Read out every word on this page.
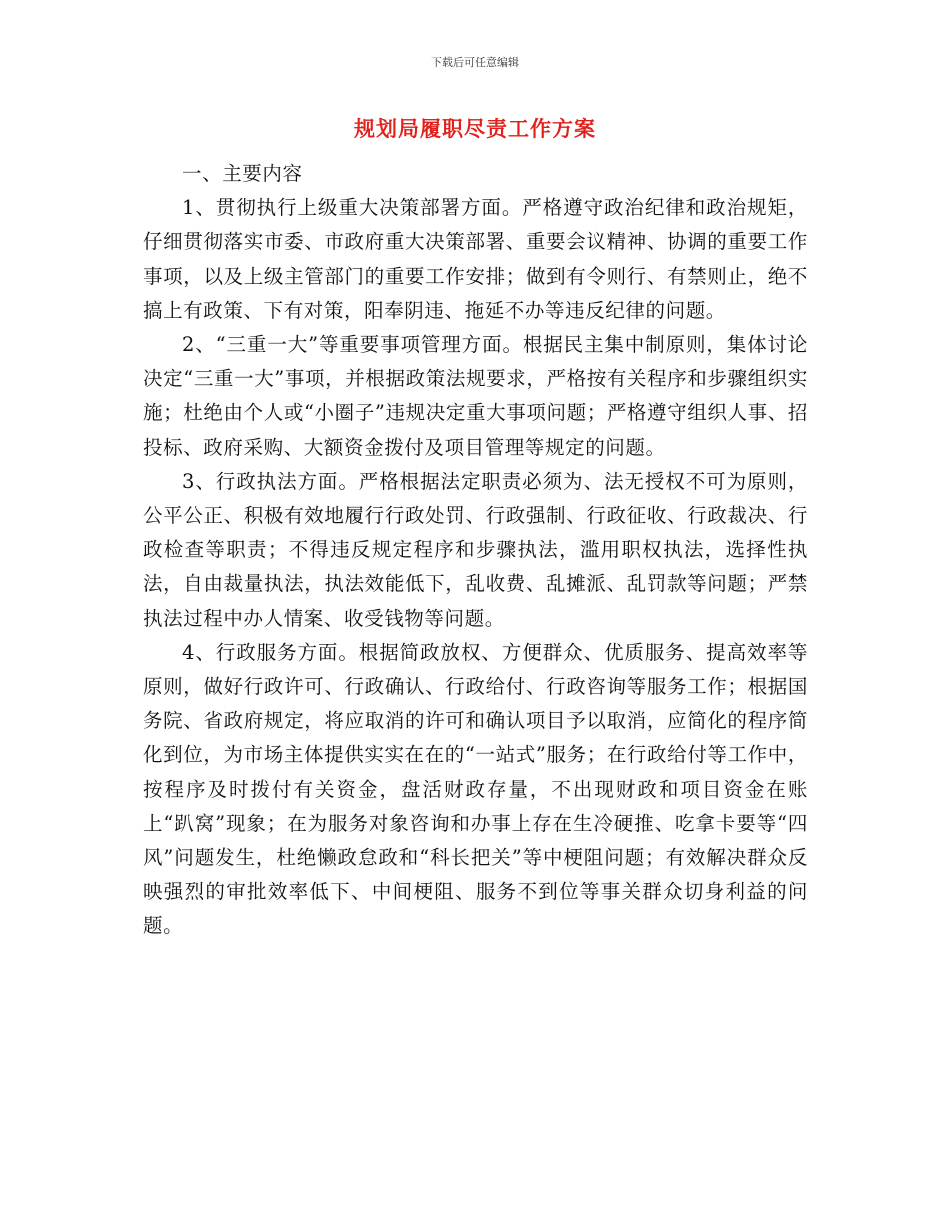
下载后可任意编辑
规划局履职尽责工作方案

一、主要内容

1、贯彻执行上级重大决策部署方面。严格遵守政治纪律和政治规矩，仔细贯彻落实市委、市政府重大决策部署、重要会议精神、协调的重要工作事项，以及上级主管部门的重要工作安排；做到有令则行、有禁则止，绝不搞上有政策、下有对策，阳奉阴违、拖延不办等违反纪律的问题。

2、“三重一大”等重要事项管理方面。根据民主集中制原则，集体讨论决定“三重一大”事项，并根据政策法规要求，严格按有关程序和步骤组织实施；杜绝由个人或“小圈子”违规决定重大事项问题；严格遵守组织人事、招投标、政府采购、大额资金拨付及项目管理等规定的问题。

3、行政执法方面。严格根据法定职责必须为、法无授权不可为原则，公平公正、积极有效地履行行政处罚、行政强制、行政征收、行政裁决、行政检查等职责；不得违反规定程序和步骤执法，滥用职权执法，选择性执法，自由裁量执法，执法效能低下，乱收费、乱摊派、乱罚款等问题；严禁执法过程中办人情案、收受钱物等问题。

4、行政服务方面。根据简政放权、方便群众、优质服务、提高效率等原则，做好行政许可、行政确认、行政给付、行政咨询等服务工作；根据国务院、省政府规定，将应取消的许可和确认项目予以取消，应简化的程序简化到位，为市场主体提供实实在在的“一站式”服务；在行政给付等工作中，按程序及时拨付有关资金，盘活财政存量，不出现财政和项目资金在账上“趴窝”现象；在为服务对象咨询和办事上存在生冷硬推、吃拿卡要等“四风”问题发生，杜绝懒政怠政和“科长把关”等中梗阻问题；有效解决群众反映强烈的审批效率低下、中间梗阻、服务不到位等事关群众切身利益的问题。
